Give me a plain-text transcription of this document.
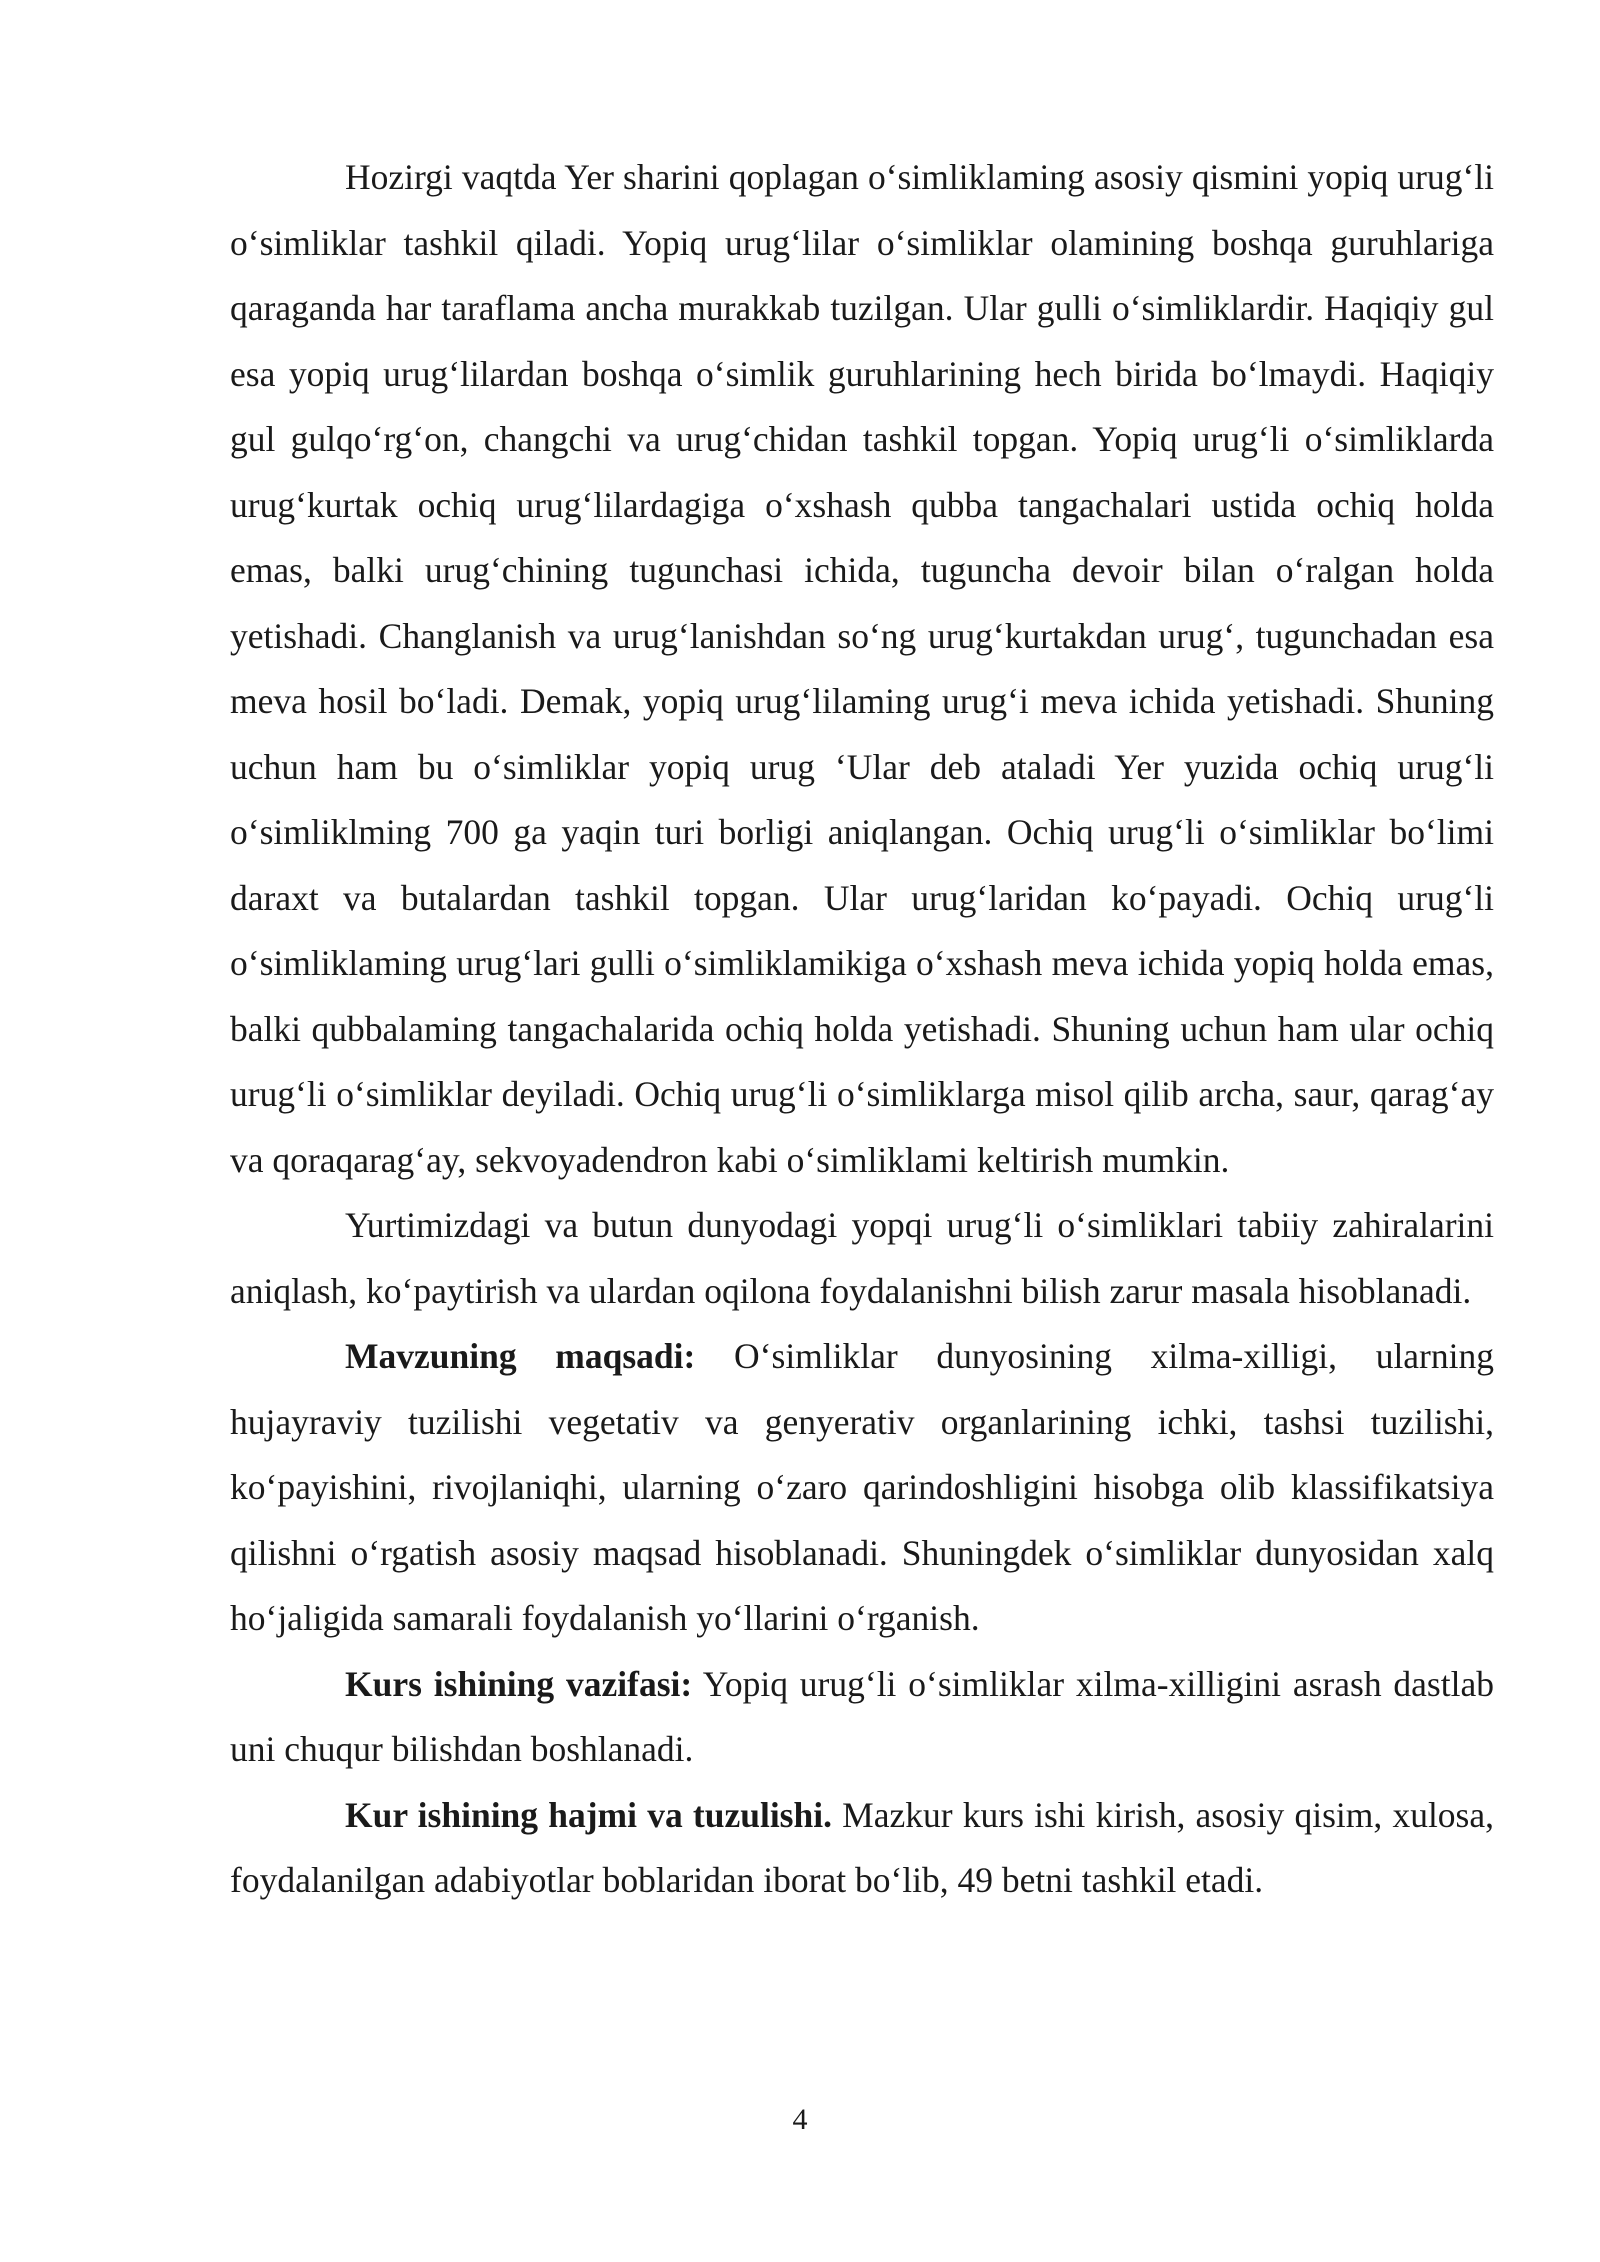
Hozirgi vaqtda Yer sharini qoplagan o‘simliklaming asosiy qismini yopiq urug‘li o‘simliklar tashkil qiladi. Yopiq urug‘lilar o‘simliklar olamining boshqa guruhlariga qaraganda har taraflama ancha murakkab tuzilgan. Ular gulli o‘simliklardir. Haqiqiy gul esa yopiq urug‘lilardan boshqa o‘simlik guruhlarining hech birida bo‘lmaydi. Haqiqiy gul gulqo‘rg‘on, changchi va urug‘chidan tashkil topgan. Yopiq urug‘li o‘simliklarda urug‘kurtak ochiq urug‘lilardagiga o‘xshash qubba tangachalari ustida ochiq holda emas, balki urug‘chining tugunchasi ichida, tuguncha devoir bilan o‘ralgan holda yetishadi. Changlanish va urug‘lanishdan so‘ng urug‘kurtakdan urug‘, tugunchadan esa meva hosil bo‘ladi. Demak, yopiq urug‘lilaming urug‘i meva ichida yetishadi. Shuning uchun ham bu o‘simliklar yopiq urug ‘Ular deb ataladi Yer yuzida ochiq urug‘li o‘simliklming 700 ga yaqin turi borligi aniqlangan. Ochiq urug‘li o‘simliklar bo‘limi daraxt va butalardan tashkil topgan. Ular urug‘laridan ko‘payadi. Ochiq urug‘li o‘simliklaming urug‘lari gulli o‘simliklamikiga o‘xshash meva ichida yopiq holda emas, balki qubbalaming tangachalarida ochiq holda yetishadi. Shuning uchun ham ular ochiq urug‘li o‘simliklar deyiladi. Ochiq urug‘li o‘simliklarga misol qilib archa, saur, qarag‘ay va qoraqarag‘ay, sekvoyadendron kabi o‘simliklami keltirish mumkin.

Yurtimizdagi va butun dunyodagi yopqi urug‘li o‘simliklari tabiiy zahiralarini aniqlash, ko‘paytirish va ulardan oqilona foydalanishni bilish zarur masala hisoblanadi.

Mavzuning maqsadi: O‘simliklar dunyosining xilma-xilligi, ularning hujayraviy tuzilishi vegetativ va genyerativ organlarining ichki, tashsi tuzilishi, ko‘payishini, rivojlaniqhi, ularning o‘zaro qarindoshligini hisobga olib klassifikatsiya qilishni o‘rgatish asosiy maqsad hisoblanadi. Shuningdek o‘simliklar dunyosidan xalq ho‘jaligida samarali foydalanish yo‘llarini o‘rganish.

Kurs ishining vazifasi: Yopiq urug‘li o‘simliklar xilma-xilligini asrash dastlab uni chuqur bilishdan boshlanadi.

Kur ishining hajmi va tuzulishi. Mazkur kurs ishi kirish, asosiy qisim, xulosa, foydalanilgan adabiyotlar boblaridan iborat bo‘lib, 49 betni tashkil etadi.

4
